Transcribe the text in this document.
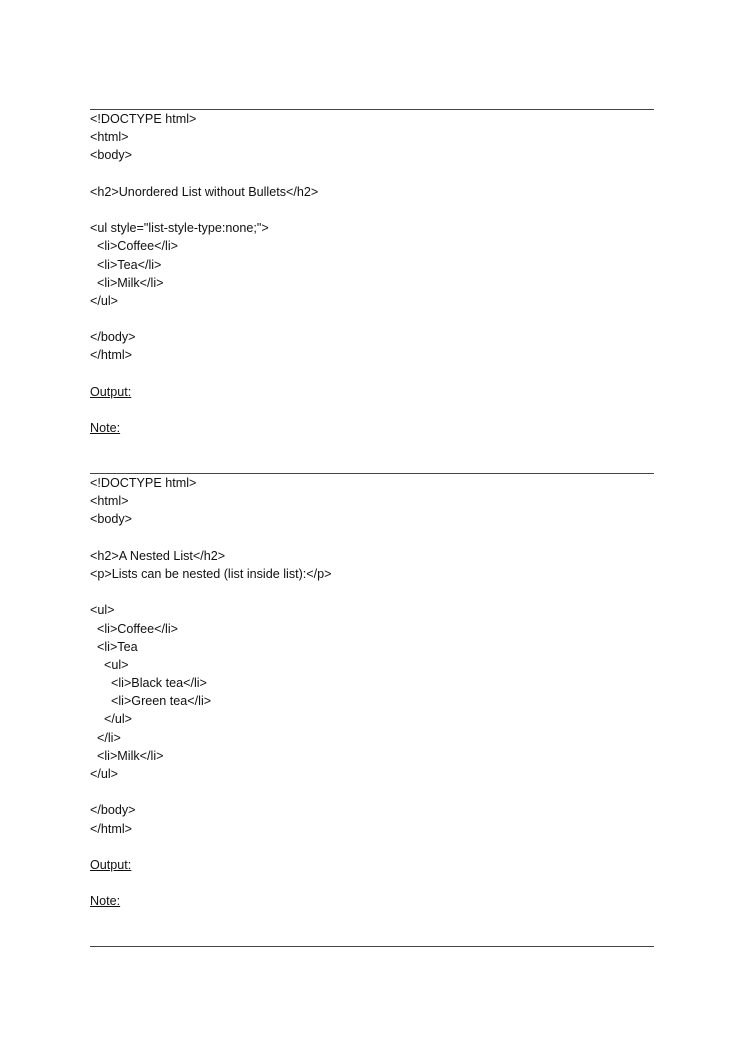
<!DOCTYPE html>
<html>
<body>
<h2>Unordered List without Bullets</h2>
<ul style="list-style-type:none;">
<li>Coffee</li>
<li>Tea</li>
<li>Milk</li>
</ul>
</body>
</html>
Output:
Note:
<!DOCTYPE html>
<html>
<body>
<h2>A Nested List</h2>
<p>Lists can be nested (list inside list):</p>
<ul>
<li>Coffee</li>
<li>Tea
<ul>
<li>Black tea</li>
<li>Green tea</li>
</ul>
</li>
<li>Milk</li>
</ul>
</body>
</html>
Output:
Note:
